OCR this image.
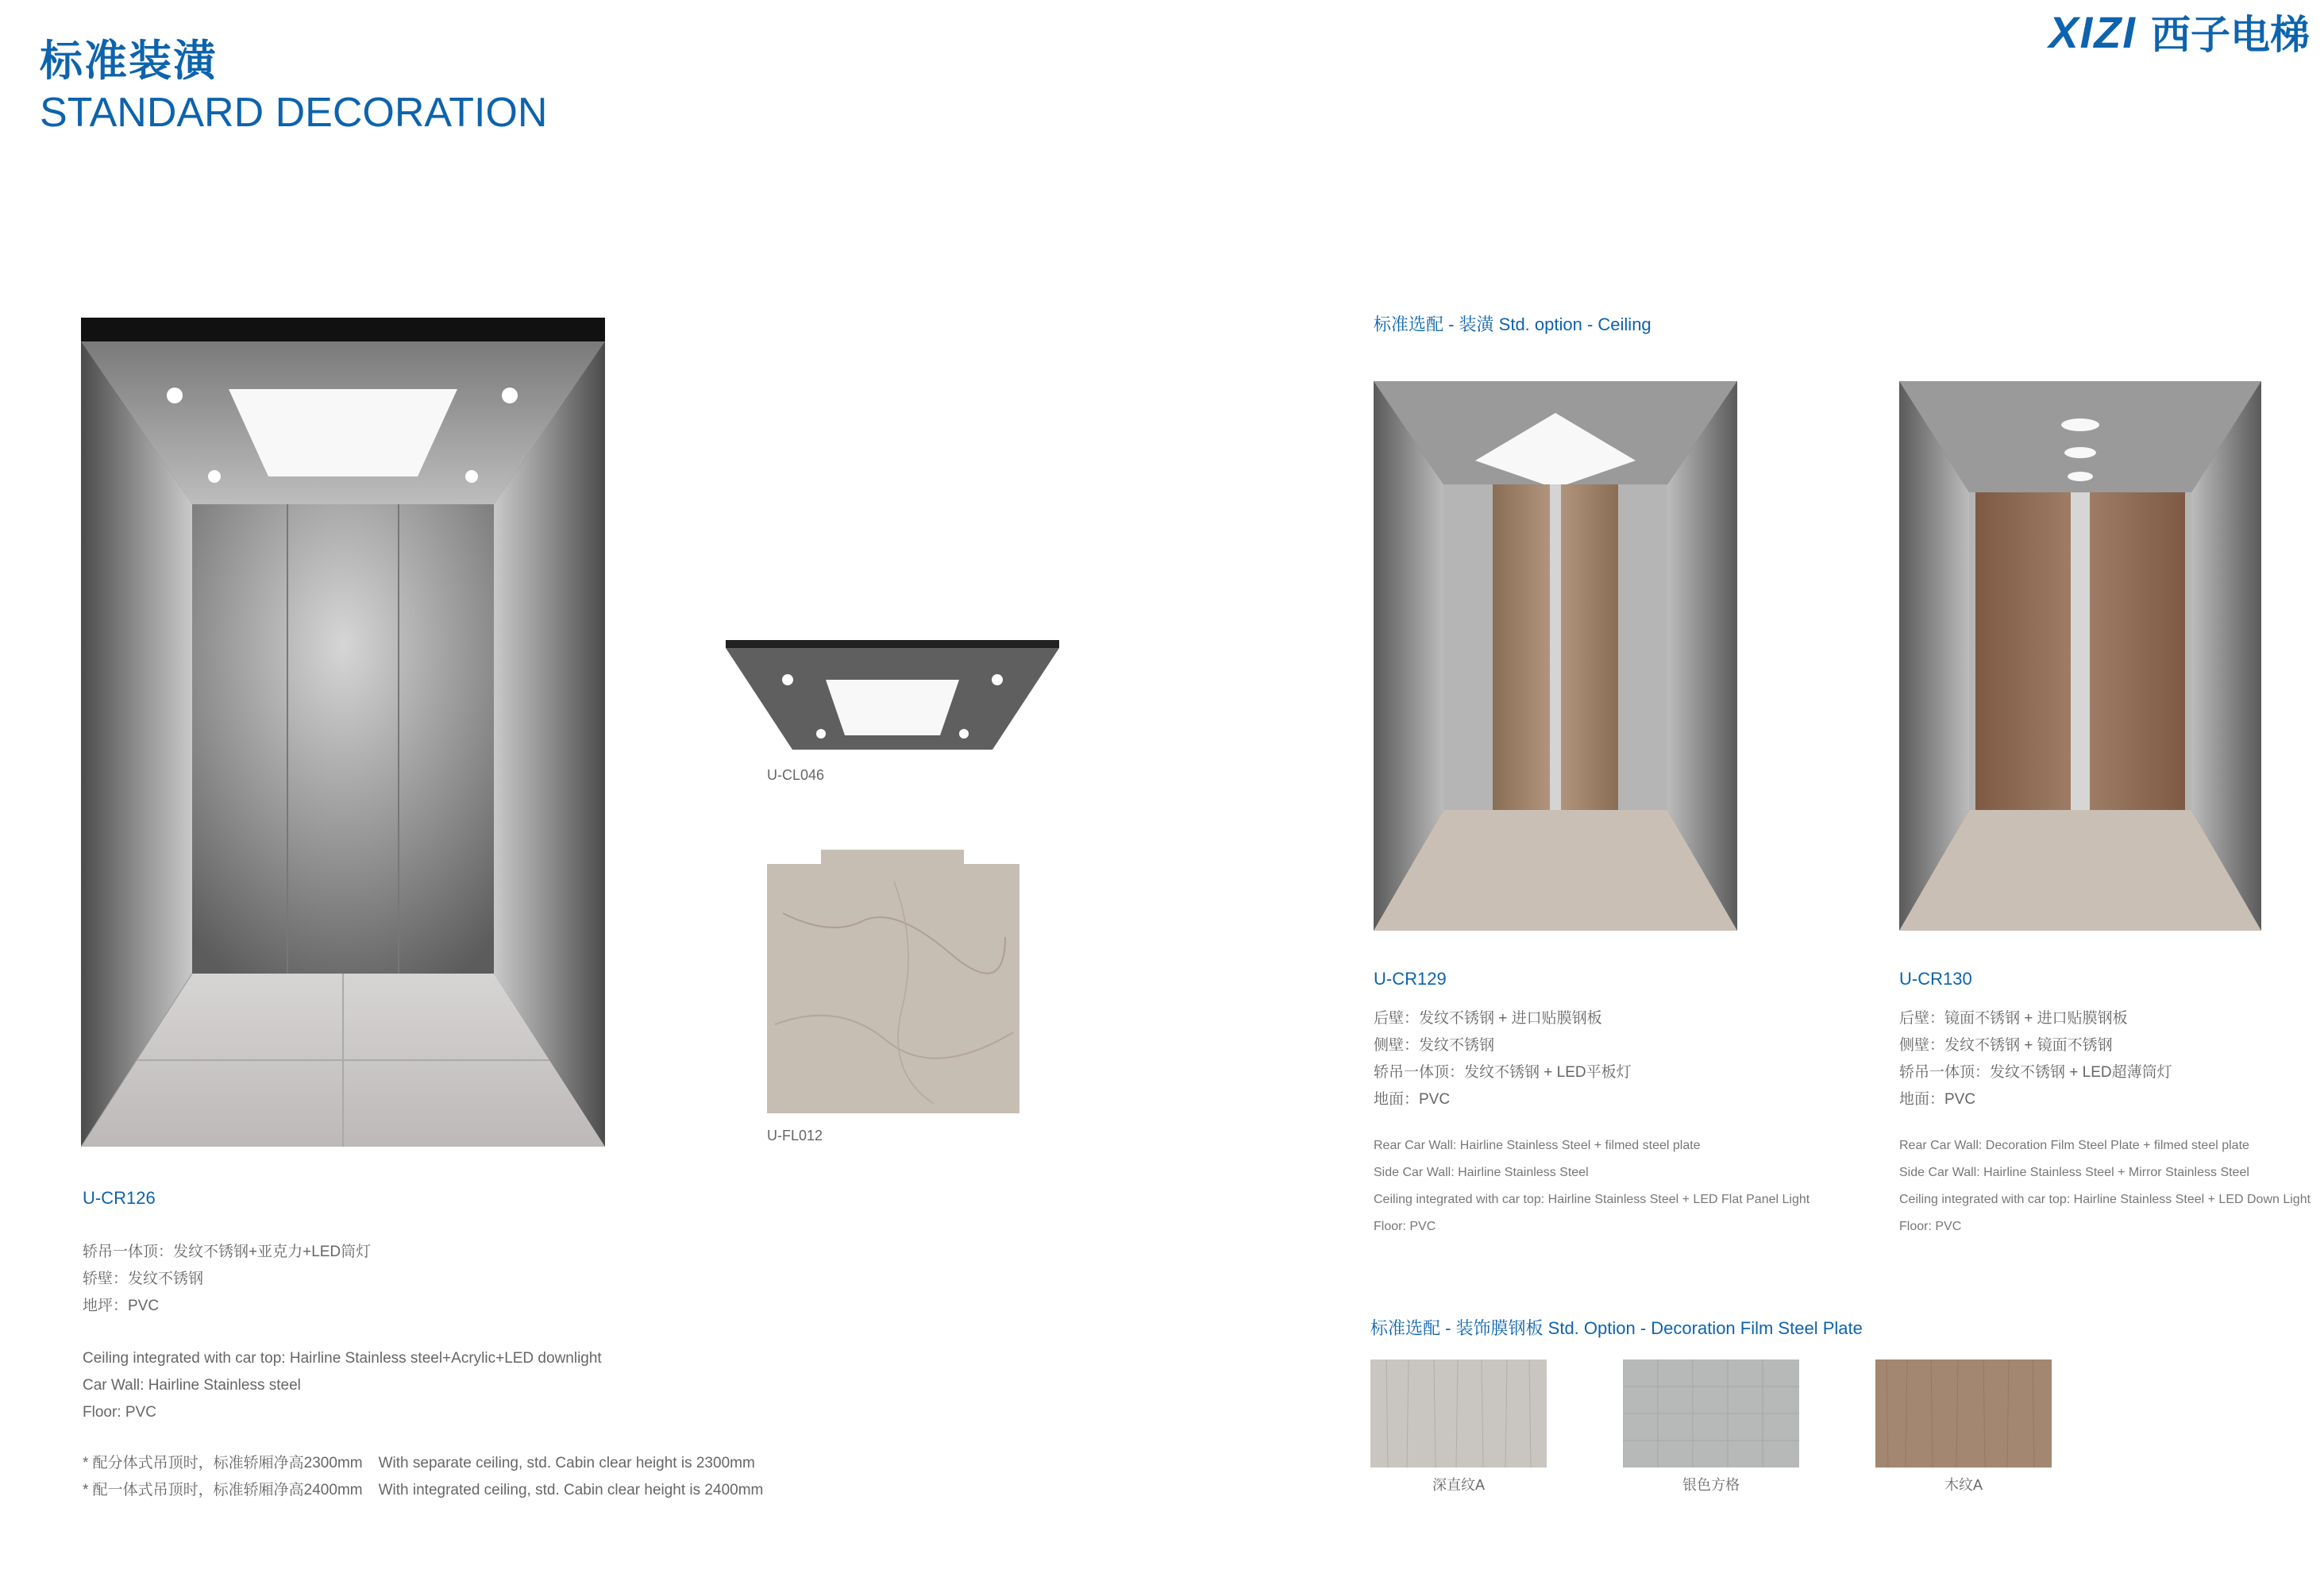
标准装潢
STANDARD DECORATION
XIZI 西子电梯
U-CR126
轿吊一体顶：发纹不锈钢+亚克力+LED筒灯
轿壁：发纹不锈钢
地坪：PVC
Ceiling integrated with car top: Hairline Stainless steel+Acrylic+LED downlight
Car Wall: Hairline Stainless steel
Floor: PVC
* 配分体式吊顶时，标准轿厢净高2300mm With separate ceiling, std. Cabin clear height is 2300mm
* 配一体式吊顶时，标准轿厢净高2400mm With integrated ceiling, std. Cabin clear height is 2400mm
U-CL046
U-FL012
标准选配 - 装潢 Std. option - Ceiling
U-CR129
后壁：发纹不锈钢 + 进口贴膜钢板
侧壁：发纹不锈钢
轿吊一体顶：发纹不锈钢 + LED平板灯
地面：PVC
Rear Car Wall: Hairline Stainless Steel + filmed steel plate
Side Car Wall: Hairline Stainless Steel
Ceiling integrated with car top: Hairline Stainless Steel + LED Flat Panel Light
Floor: PVC
U-CR130
后壁：镜面不锈钢 + 进口贴膜钢板
侧壁：发纹不锈钢 + 镜面不锈钢
轿吊一体顶：发纹不锈钢 + LED超薄筒灯
地面：PVC
Rear Car Wall: Decoration Film Steel Plate + filmed steel plate
Side Car Wall: Hairline Stainless Steel + Mirror Stainless Steel
Ceiling integrated with car top: Hairline Stainless Steel + LED Down Light
Floor: PVC
标准选配 - 装饰膜钢板 Std. Option - Decoration Film Steel Plate
深直纹A	银色方格	木纹A
